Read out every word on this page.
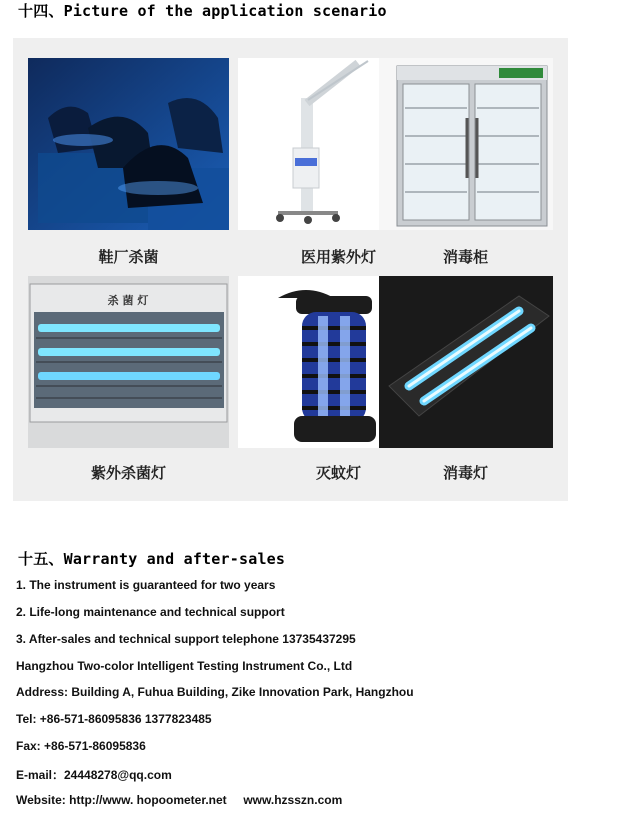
十四、Picture of the application scenario
鞋厂杀菌	医用紫外灯	消毒柜
杀 菌 灯
紫外杀菌灯	灭蚊灯	消毒灯
十五、Warranty and after-sales

1. The instrument is guaranteed for two years

2. Life-long maintenance and technical support

3. After-sales and technical support telephone 13735437295

Hangzhou Two-color Intelligent Testing Instrument Co., Ltd

Address: Building A, Fuhua Building, Zike Innovation Park, Hangzhou

Tel: +86-571-86095836 1377823485

Fax: +86-571-86095836

E-mail：24448278@qq.com

Website: http://www. hopoometer.net     www.hzsszn.com
